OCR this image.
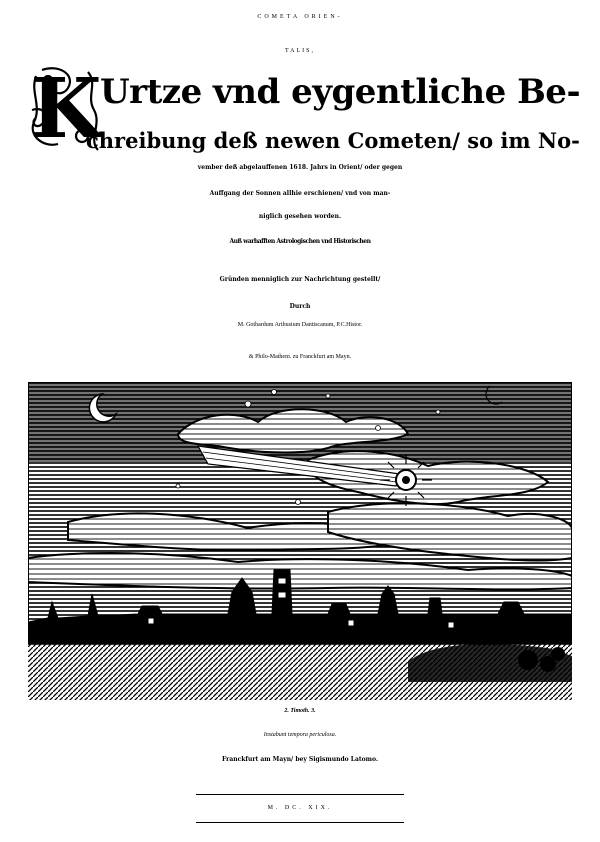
COMETA ORIEN-
TALIS,
K
Urtze vnd eygentliche Be-
chreibung deß newen Cometen/ so im No-
vember deß abgelauffenen 1618. Jahrs in Orient/ oder gegen
Auffgang der Sonnen allhie erschienen/ vnd von man-
niglich gesehen worden.
Auß warhafften Astrologischen vnd Historischen
Gründen menniglich zur Nachrichtung gestellt/
Durch
M. Gothardum Arthusium Dantiscanum, P.C.Histor.
& Philo-Mathem. zu Franckfurt am Mayn.
2. Timoth. 3.
Instabunt tempora periculosa.
Franckfurt am Mayn/ bey Sigismundo Latomo.
M. DC. XIX.
